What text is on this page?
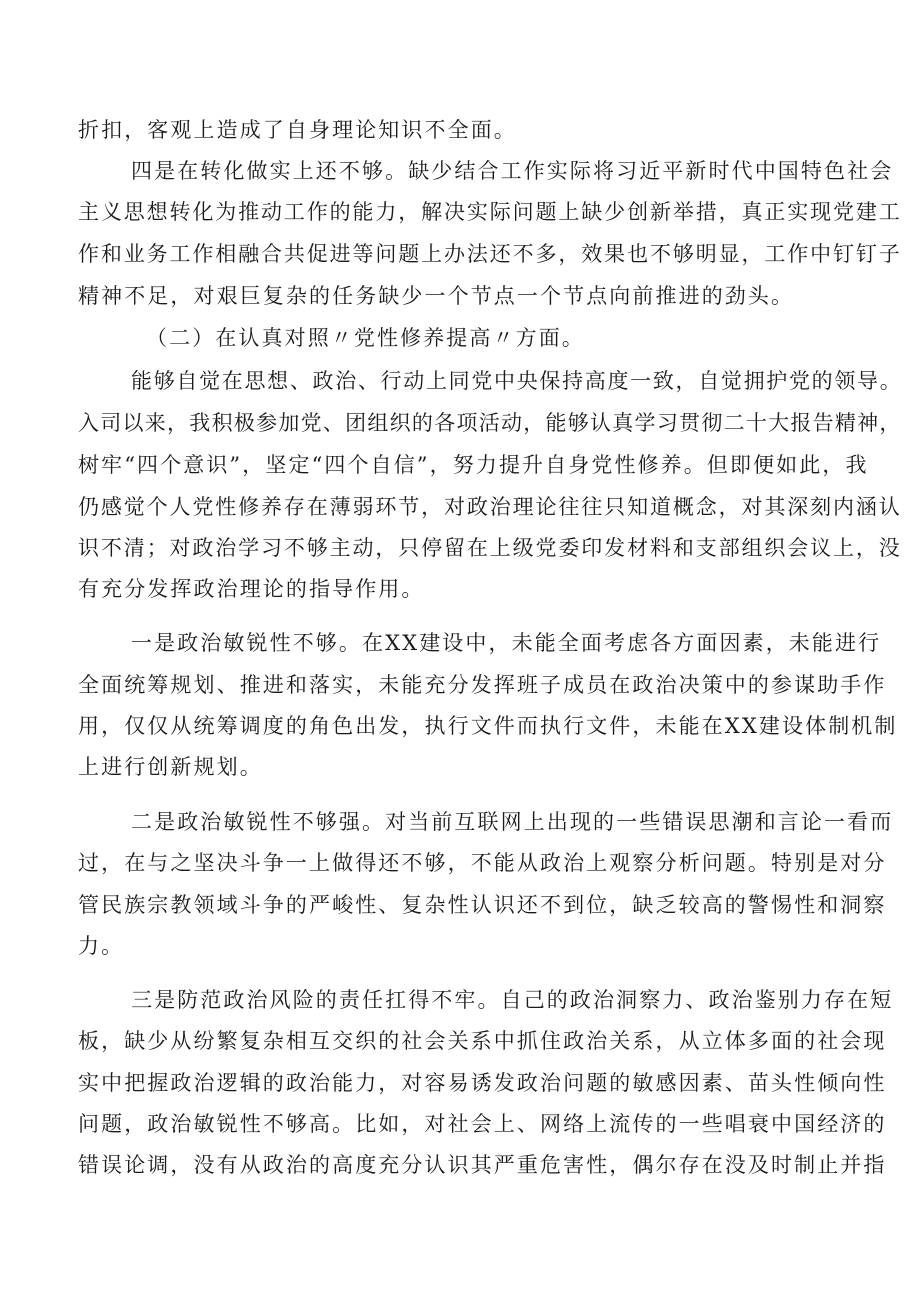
折扣，客观上造成了自身理论知识不全面。
四是在转化做实上还不够。缺少结合工作实际将习近平新时代中国特色社会
主义思想转化为推动工作的能力，解决实际问题上缺少创新举措，真正实现党建工
作和业务工作相融合共促进等问题上办法还不多，效果也不够明显，工作中钉钉子
精神不足，对艰巨复杂的任务缺少一个节点一个节点向前推进的劲头。
（二）在认真对照〃党性修养提高〃方面。
能够自觉在思想、政治、行动上同党中央保持高度一致，自觉拥护党的领导。
入司以来，我积极参加党、团组织的各项活动，能够认真学习贯彻二十大报告精神，
树牢“四个意识”，坚定“四个自信”，努力提升自身党性修养。但即便如此，我
仍感觉个人党性修养存在薄弱环节，对政治理论往往只知道概念，对其深刻内涵认
识不清；对政治学习不够主动，只停留在上级党委印发材料和支部组织会议上，没
有充分发挥政治理论的指导作用。
一是政治敏锐性不够。在XX建设中，未能全面考虑各方面因素，未能进行
全面统筹规划、推进和落实，未能充分发挥班子成员在政治决策中的参谋助手作
用，仅仅从统筹调度的角色出发，执行文件而执行文件，未能在XX建设体制机制
上进行创新规划。
二是政治敏锐性不够强。对当前互联网上出现的一些错误思潮和言论一看而
过，在与之坚决斗争一上做得还不够，不能从政治上观察分析问题。特别是对分
管民族宗教领域斗争的严峻性、复杂性认识还不到位，缺乏较高的警惕性和洞察
力。
三是防范政治风险的责任扛得不牢。自己的政治洞察力、政治鉴别力存在短
板，缺少从纷繁复杂相互交织的社会关系中抓住政治关系，从立体多面的社会现
实中把握政治逻辑的政治能力，对容易诱发政治问题的敏感因素、苗头性倾向性
问题，政治敏锐性不够高。比如，对社会上、网络上流传的一些唱衰中国经济的
错误论调，没有从政治的高度充分认识其严重危害性，偶尔存在没及时制止并指
